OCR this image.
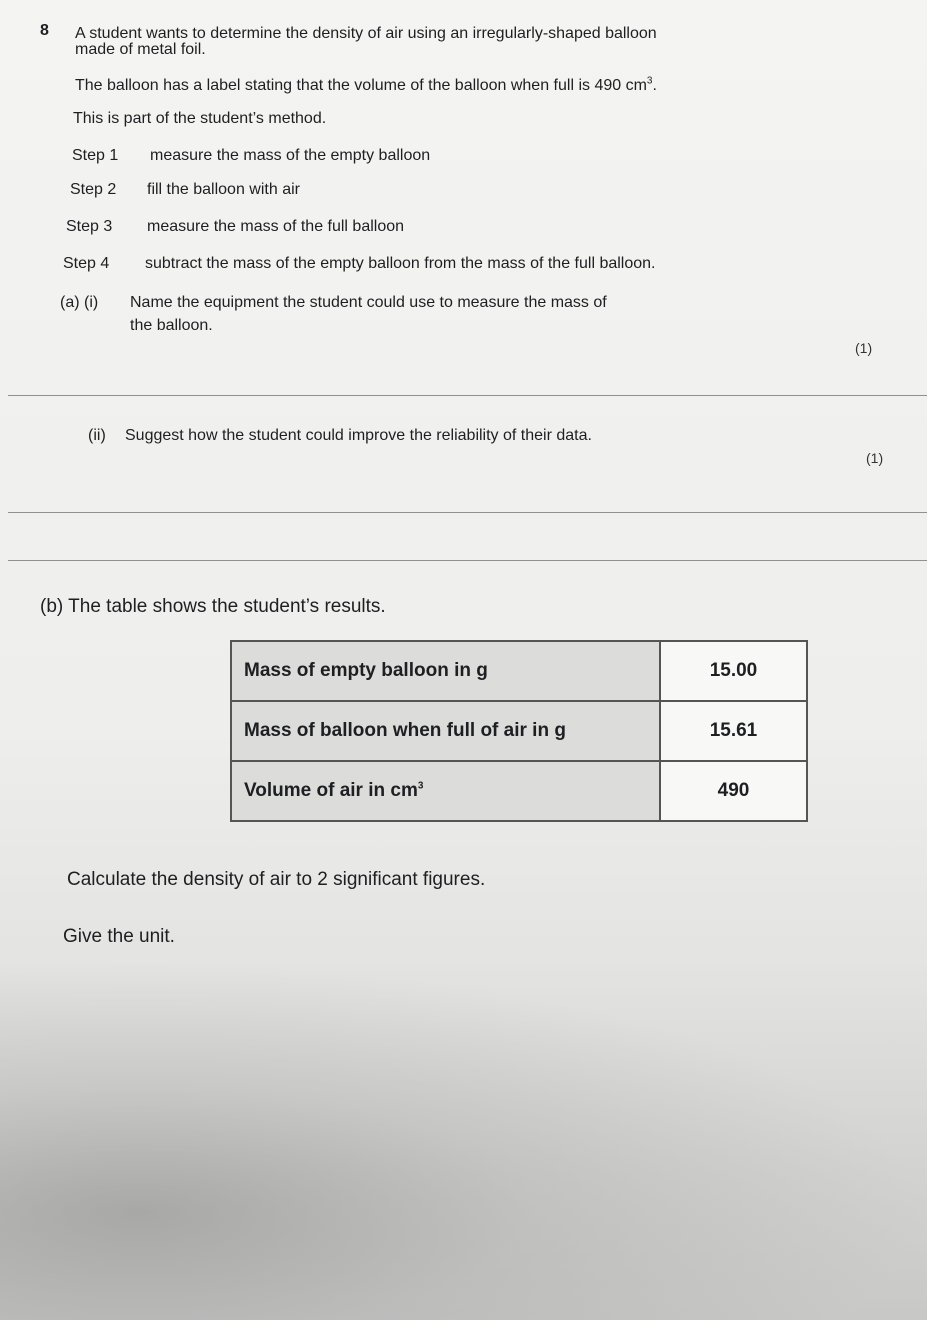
8 A student wants to determine the density of air using an irregularly-shaped balloon
made of metal foil.
The balloon has a label stating that the volume of the balloon when full is 490 $cm^3$.
This is part of the student’s method.
Step 1 measure the mass of the empty balloon
Step 2 fill the balloon with air
Step 3 measure the mass of the full balloon
Step 4 subtract the mass of the empty balloon from the mass of the full balloon.
(a) (i) Name the equipment the student could use to measure the mass of
the balloon.
(1)
(ii) Suggest how the student could improve the reliability of their data.
(1)
(b) The table shows the student’s results.
Mass of empty balloon in g	15.00
Mass of balloon when full of air in g	15.61
Volume of air in $cm^3$	490
Calculate the density of air to 2 significant figures.
Give the unit.
